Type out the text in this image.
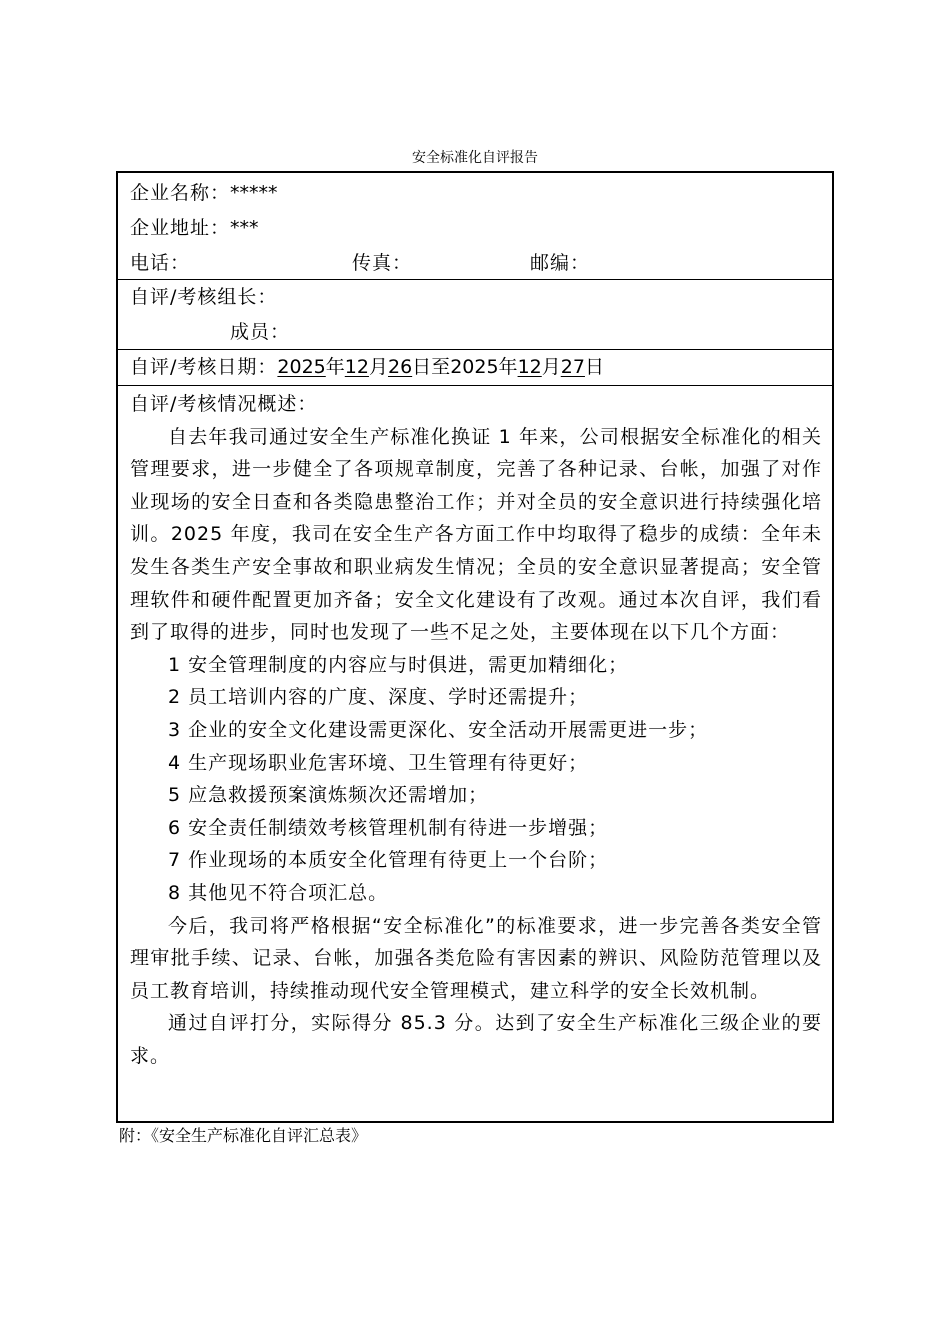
安全标准化自评报告
企业名称：*****
企业地址：***
电话：	传真：	邮编：
自评/考核组长：
成员：
自评/考核日期：2025年12月26日至2025年12月27日

自评/考核情况概述：

自去年我司通过安全生产标准化换证 1 年来，公司根据安全标准化的相关管理要求，进一步健全了各项规章制度，完善了各种记录、台帐，加强了对作业现场的安全日查和各类隐患整治工作；并对全员的安全意识进行持续强化培训。2025 年度，我司在安全生产各方面工作中均取得了稳步的成绩：全年未发生各类生产安全事故和职业病发生情况；全员的安全意识显著提高；安全管理软件和硬件配置更加齐备；安全文化建设有了改观。通过本次自评，我们看到了取得的进步，同时也发现了一些不足之处，主要体现在以下几个方面：

1 安全管理制度的内容应与时俱进，需更加精细化；

2 员工培训内容的广度、深度、学时还需提升；

3 企业的安全文化建设需更深化、安全活动开展需更进一步；

4 生产现场职业危害环境、卫生管理有待更好；

5 应急救援预案演炼频次还需增加；

6 安全责任制绩效考核管理机制有待进一步增强；

7 作业现场的本质安全化管理有待更上一个台阶；

8 其他见不符合项汇总。

今后，我司将严格根据“安全标准化”的标准要求，进一步完善各类安全管理审批手续、记录、台帐，加强各类危险有害因素的辨识、风险防范管理以及员工教育培训，持续推动现代安全管理模式，建立科学的安全长效机制。

通过自评打分，实际得分 85.3 分。达到了安全生产标准化三级企业的要求。

附：《安全生产标准化自评汇总表》
